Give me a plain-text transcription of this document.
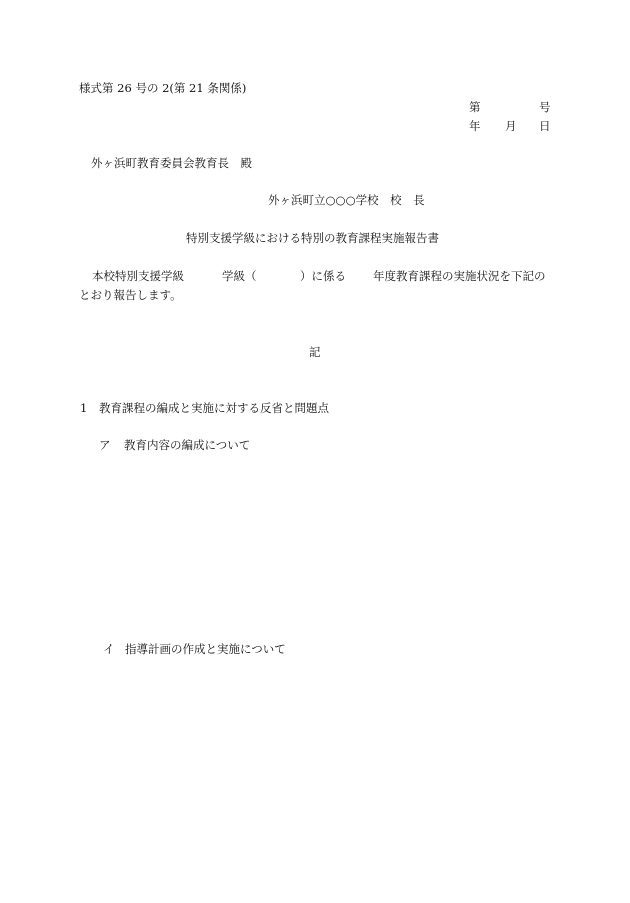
様式第 26 号の 2(第 21 条関係)
第	号
年 月 日
外ヶ浜町教育委員会教育長　殿
外ヶ浜町立○○○学校　校　長
特別支援学級における特別の教育課程実施報告書
本校特別支援学級	学級（	）に係る 年度教育課程の実施状況を下記の
とおり報告します。
記
1 教育課程の編成と実施に対する反省と問題点
ア 教育内容の編成について
イ 指導計画の作成と実施について
